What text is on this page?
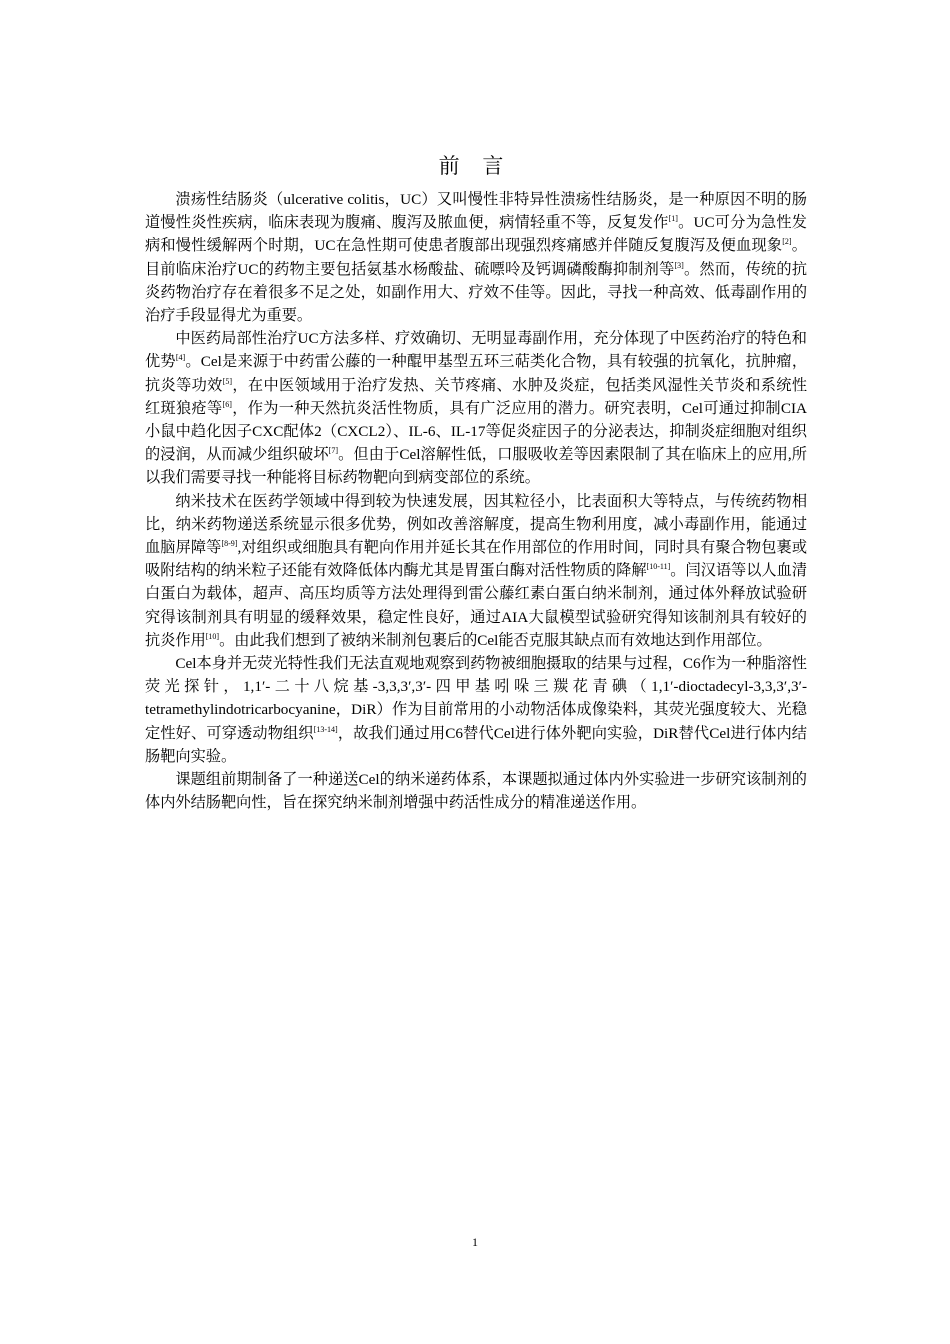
前 言

溃疡性结肠炎（ulcerative colitis，UC）又叫慢性非特异性溃疡性结肠炎，是一种原因不明的肠道慢性炎性疾病，临床表现为腹痛、腹泻及脓血便，病情轻重不等，反复发作[1]。UC可分为急性发病和慢性缓解两个时期，UC在急性期可使患者腹部出现强烈疼痛感并伴随反复腹泻及便血现象[2]。目前临床治疗UC的药物主要包括氨基水杨酸盐、硫嘌呤及钙调磷酸酶抑制剂等[3]。然而，传统的抗炎药物治疗存在着很多不足之处，如副作用大、疗效不佳等。因此，寻找一种高效、低毒副作用的治疗手段显得尤为重要。

中医药局部性治疗UC方法多样、疗效确切、无明显毒副作用，充分体现了中医药治疗的特色和优势[4]。Cel是来源于中药雷公藤的一种醌甲基型五环三萜类化合物，具有较强的抗氧化，抗肿瘤，抗炎等功效[5]，在中医领域用于治疗发热、关节疼痛、水肿及炎症，包括类风湿性关节炎和系统性红斑狼疮等[6]，作为一种天然抗炎活性物质，具有广泛应用的潜力。研究表明，Cel可通过抑制CIA小鼠中趋化因子CXC配体2（CXCL2）、IL-6、IL-17等促炎症因子的分泌表达，抑制炎症细胞对组织的浸润，从而减少组织破坏[7]。但由于Cel溶解性低，口服吸收差等因素限制了其在临床上的应用,所以我们需要寻找一种能将目标药物靶向到病变部位的系统。

纳米技术在医药学领域中得到较为快速发展，因其粒径小，比表面积大等特点，与传统药物相比，纳米药物递送系统显示很多优势，例如改善溶解度，提高生物利用度，减小毒副作用，能通过血脑屏障等[8-9],对组织或细胞具有靶向作用并延长其在作用部位的作用时间，同时具有聚合物包裹或吸附结构的纳米粒子还能有效降低体内酶尤其是胃蛋白酶对活性物质的降解[10-11]。闫汉语等以人血清白蛋白为载体，超声、高压均质等方法处理得到雷公藤红素白蛋白纳米制剂，通过体外释放试验研究得该制剂具有明显的缓释效果，稳定性良好，通过AIA大鼠模型试验研究得知该制剂具有较好的抗炎作用[10]。由此我们想到了被纳米制剂包裹后的Cel能否克服其缺点而有效地达到作用部位。

Cel本身并无荧光特性我们无法直观地观察到药物被细胞摄取的结果与过程，C6作为一种脂溶性荧光探针，1,1′-二十八烷基-3,3,3′,3′-四甲基吲哚三羰花青碘（1,1′-dioctadecyl-3,3,3′,3′-tetramethylindotricarbocyanine，DiR）作为目前常用的小动物活体成像染料，其荧光强度较大、光稳定性好、可穿透动物组织[13-14]，故我们通过用C6替代Cel进行体外靶向实验，DiR替代Cel进行体内结肠靶向实验。

课题组前期制备了一种递送Cel的纳米递药体系，本课题拟通过体内外实验进一步研究该制剂的体内外结肠靶向性，旨在探究纳米制剂增强中药活性成分的精准递送作用。

1
